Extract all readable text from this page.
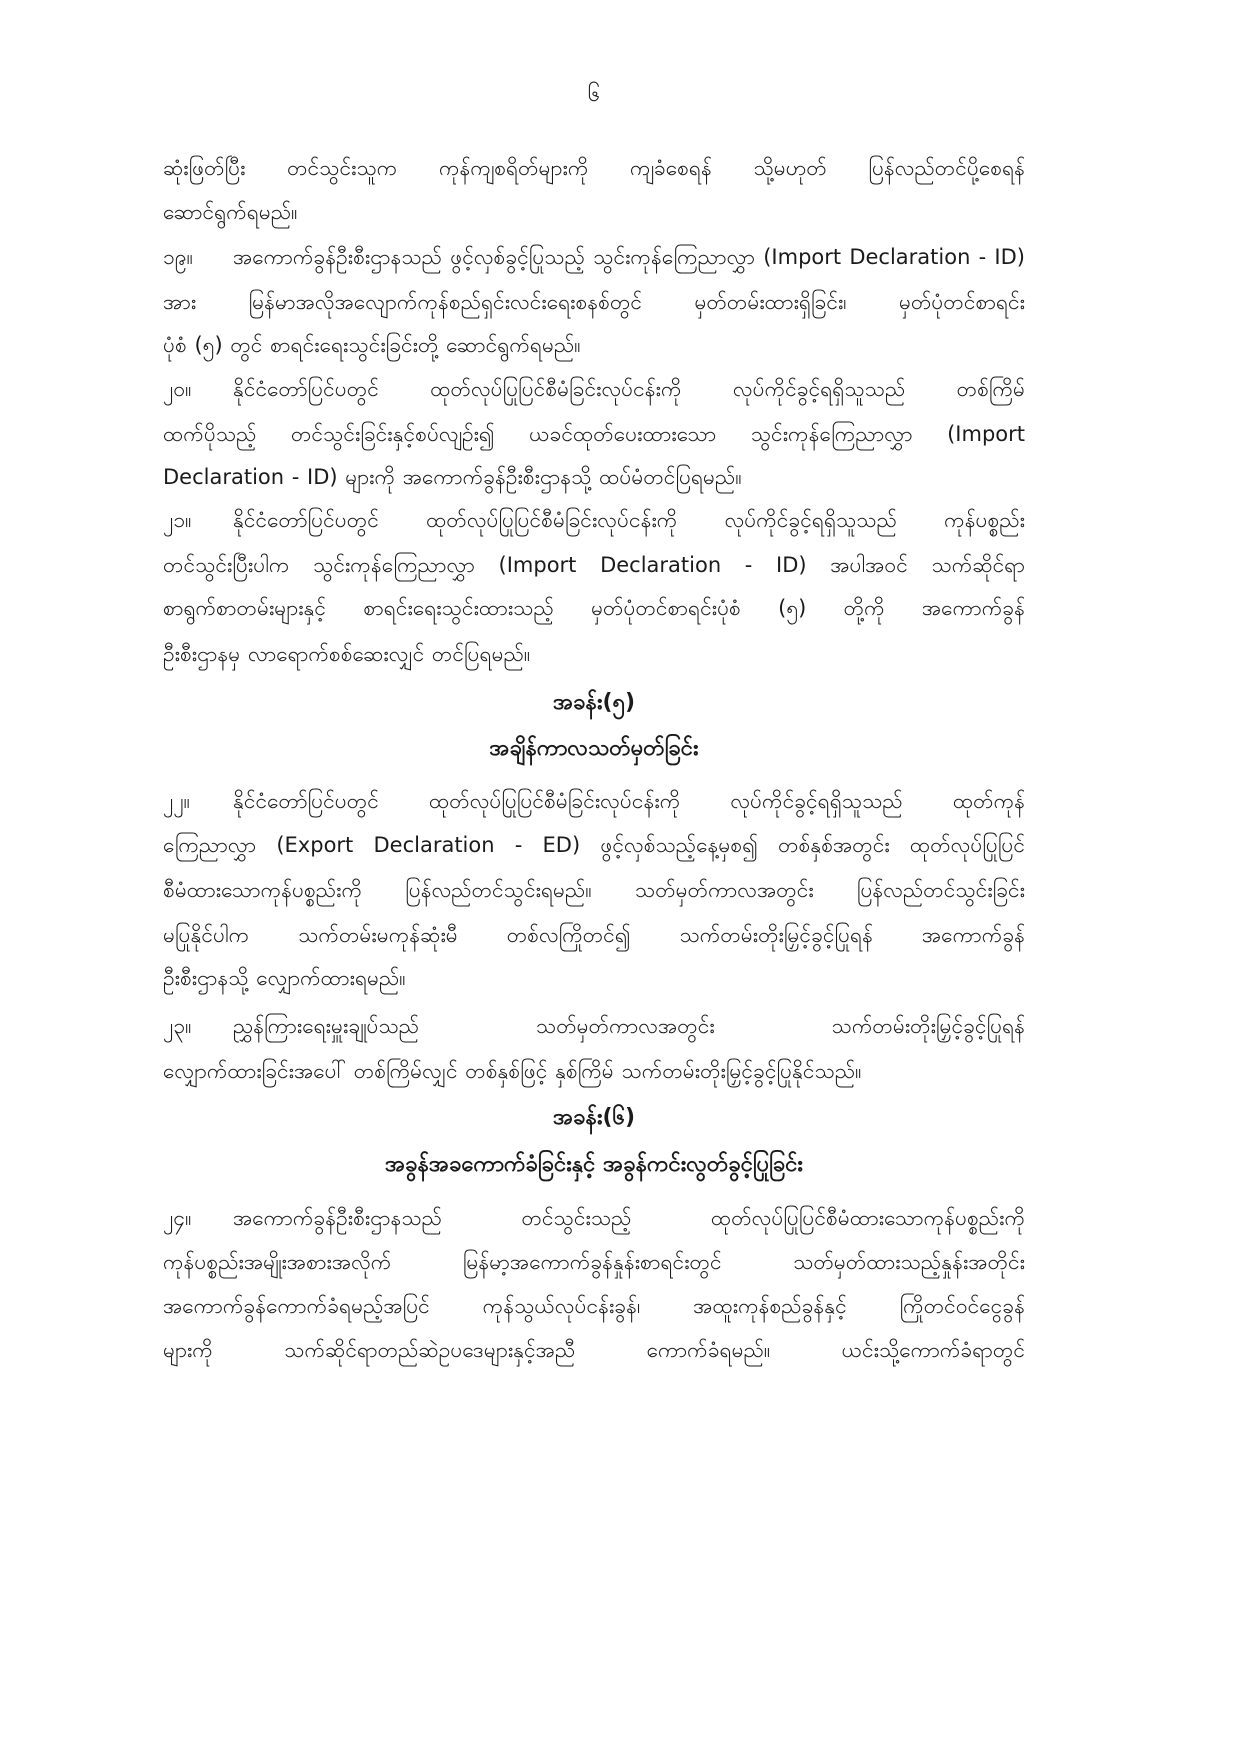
၆
ဆုံးဖြတ်ပြီး တင်သွင်းသူက ကုန်ကျစရိတ်များကို ကျခံစေရန် သို့မဟုတ် ပြန်လည်တင်ပို့စေရန်
ဆောင်ရွက်ရမည်။
၁၉။	အကောက်ခွန်ဦးစီးဌာနသည် ဖွင့်လှစ်ခွင့်ပြုသည့် သွင်းကုန်ကြေညာလွှာ (Import Declaration - ID)
အား မြန်မာအလိုအလျောက်ကုန်စည်ရှင်းလင်းရေးစနစ်တွင် မှတ်တမ်းထားရှိခြင်း၊ မှတ်ပုံတင်စာရင်း
ပုံစံ (၅) တွင် စာရင်းရေးသွင်းခြင်းတို့ ဆောင်ရွက်ရမည်။
၂၀။	နိုင်ငံတော်ပြင်ပတွင် ထုတ်လုပ်ပြုပြင်စီမံခြင်းလုပ်ငန်းကို လုပ်ကိုင်ခွင့်ရရှိသူသည် တစ်ကြိမ်
ထက်ပိုသည့် တင်သွင်းခြင်းနှင့်စပ်လျဉ်း၍ ယခင်ထုတ်ပေးထားသော သွင်းကုန်ကြေညာလွှာ (Import
Declaration - ID) များကို အကောက်ခွန်ဦးစီးဌာနသို့ ထပ်မံတင်ပြရမည်။
၂၁။	နိုင်ငံတော်ပြင်ပတွင် ထုတ်လုပ်ပြုပြင်စီမံခြင်းလုပ်ငန်းကို လုပ်ကိုင်ခွင့်ရရှိသူသည် ကုန်ပစ္စည်း
တင်သွင်းပြီးပါက သွင်းကုန်ကြေညာလွှာ (Import Declaration - ID) အပါအဝင် သက်ဆိုင်ရာ
စာရွက်စာတမ်းများနှင့် စာရင်းရေးသွင်းထားသည့် မှတ်ပုံတင်စာရင်းပုံစံ (၅) တို့ကို အကောက်ခွန်
ဦးစီးဌာနမှ လာရောက်စစ်ဆေးလျှင် တင်ပြရမည်။
အခန်း(၅)
အချိန်ကာလသတ်မှတ်ခြင်း
၂၂။	နိုင်ငံတော်ပြင်ပတွင် ထုတ်လုပ်ပြုပြင်စီမံခြင်းလုပ်ငန်းကို လုပ်ကိုင်ခွင့်ရရှိသူသည် ထုတ်ကုန်
ကြေညာလွှာ (Export Declaration - ED) ဖွင့်လှစ်သည့်နေ့မှစ၍ တစ်နှစ်အတွင်း ထုတ်လုပ်ပြုပြင်
စီမံထားသောကုန်ပစ္စည်းကို ပြန်လည်တင်သွင်းရမည်။ သတ်မှတ်ကာလအတွင်း ပြန်လည်တင်သွင်းခြင်း
မပြုနိုင်ပါက သက်တမ်းမကုန်ဆုံးမီ တစ်လကြိုတင်၍ သက်တမ်းတိုးမြှင့်ခွင့်ပြုရန် အကောက်ခွန်
ဦးစီးဌာနသို့ လျှောက်ထားရမည်။
၂၃။	ညွှန်ကြားရေးမှူးချုပ်သည် သတ်မှတ်ကာလအတွင်း သက်တမ်းတိုးမြှင့်ခွင့်ပြုရန်
လျှောက်ထားခြင်းအပေါ် တစ်ကြိမ်လျှင် တစ်နှစ်ဖြင့် နှစ်ကြိမ် သက်တမ်းတိုးမြှင့်ခွင့်ပြုနိုင်သည်။
အခန်း(၆)
အခွန်အခကောက်ခံခြင်းနှင့် အခွန်ကင်းလွတ်ခွင့်ပြုခြင်း
၂၄။	အကောက်ခွန်ဦးစီးဌာနသည် တင်သွင်းသည့် ထုတ်လုပ်ပြုပြင်စီမံထားသောကုန်ပစ္စည်းကို
ကုန်ပစ္စည်းအမျိုးအစားအလိုက် မြန်မာ့အကောက်ခွန်နှုန်းစာရင်းတွင် သတ်မှတ်ထားသည့်နှုန်းအတိုင်း
အကောက်ခွန်ကောက်ခံရမည့်အပြင် ကုန်သွယ်လုပ်ငန်းခွန်၊ အထူးကုန်စည်ခွန်နှင့် ကြိုတင်ဝင်ငွေခွန်
များကို သက်ဆိုင်ရာတည်ဆဲဥပဒေများနှင့်အညီ ကောက်ခံရမည်။ ယင်းသို့ကောက်ခံရာတွင်
